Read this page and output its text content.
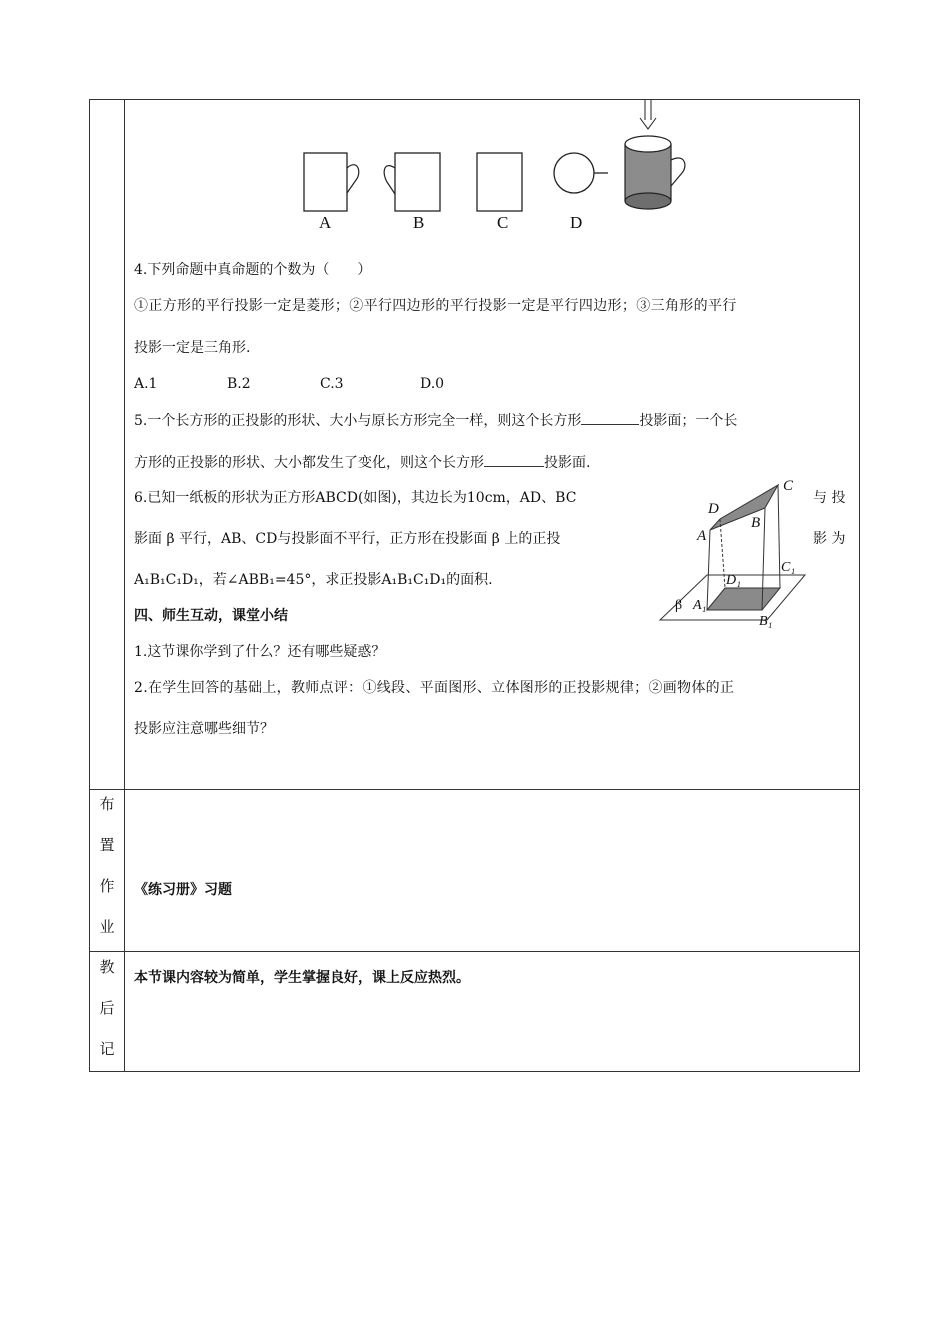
A	B	C	D
4.下列命题中真命题的个数为（　　）
①正方形的平行投影一定是菱形；②平行四边形的平行投影一定是平行四边形；③三角形的平行
投影一定是三角形.
A.1	B.2	C.3	D.0
5.一个长方形的正投影的形状、大小与原长方形完全一样，则这个长方形	投影面；一个长
方形的正投影的形状、大小都发生了变化，则这个长方形	投影面.
6.已知一纸板的形状为正方形ABCD(如图)，其边长为10cm，AD、BC	与 投
影面 β 平行，AB、CD与投影面不平行，正方形在投影面 β 上的正投	影 为
A₁B₁C₁D₁，若∠ABB₁=45°，求正投影A₁B₁C₁D₁的面积.
C
D
B
A
C₁
D₁
β A₁
B₁
四、师生互动，课堂小结
1.这节课你学到了什么？还有哪些疑惑？
2.在学生回答的基础上，教师点评：①线段、平面图形、立体图形的正投影规律；②画物体的正
投影应注意哪些细节？
布
置
作
业
《练习册》习题
教
后
记
本节课内容较为简单，学生掌握良好，课上反应热烈。
